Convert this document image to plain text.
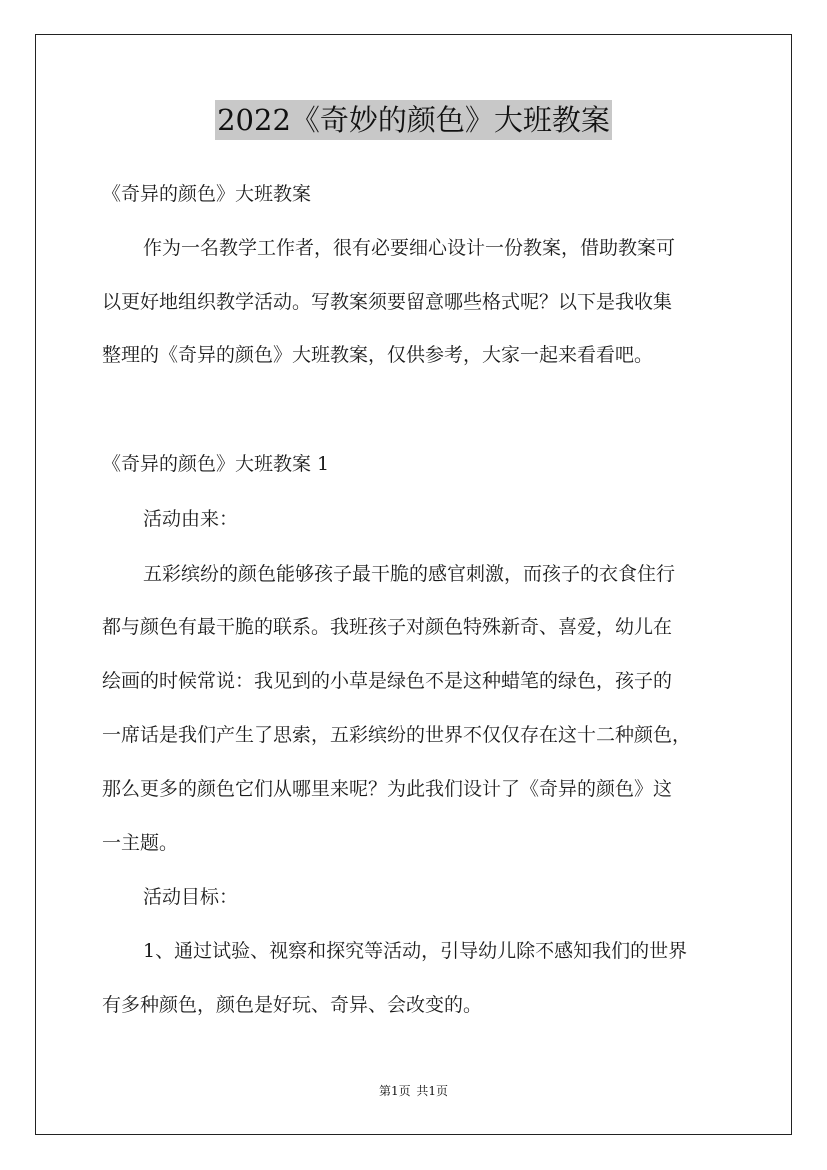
2022《奇妙的颜色》大班教案
《奇异的颜色》大班教案
作为一名教学工作者，很有必要细心设计一份教案，借助教案可
以更好地组织教学活动。写教案须要留意哪些格式呢？以下是我收集
整理的《奇异的颜色》大班教案，仅供参考，大家一起来看看吧。
《奇异的颜色》大班教案 1
活动由来：
五彩缤纷的颜色能够孩子最干脆的感官刺激，而孩子的衣食住行
都与颜色有最干脆的联系。我班孩子对颜色特殊新奇、喜爱，幼儿在
绘画的时候常说：我见到的小草是绿色不是这种蜡笔的绿色，孩子的
一席话是我们产生了思索，五彩缤纷的世界不仅仅存在这十二种颜色，
那么更多的颜色它们从哪里来呢？为此我们设计了《奇异的颜色》这
一主题。
活动目标：
1、通过试验、视察和探究等活动，引导幼儿除不感知我们的世界
有多种颜色，颜色是好玩、奇异、会改变的。
第1页 共1页
